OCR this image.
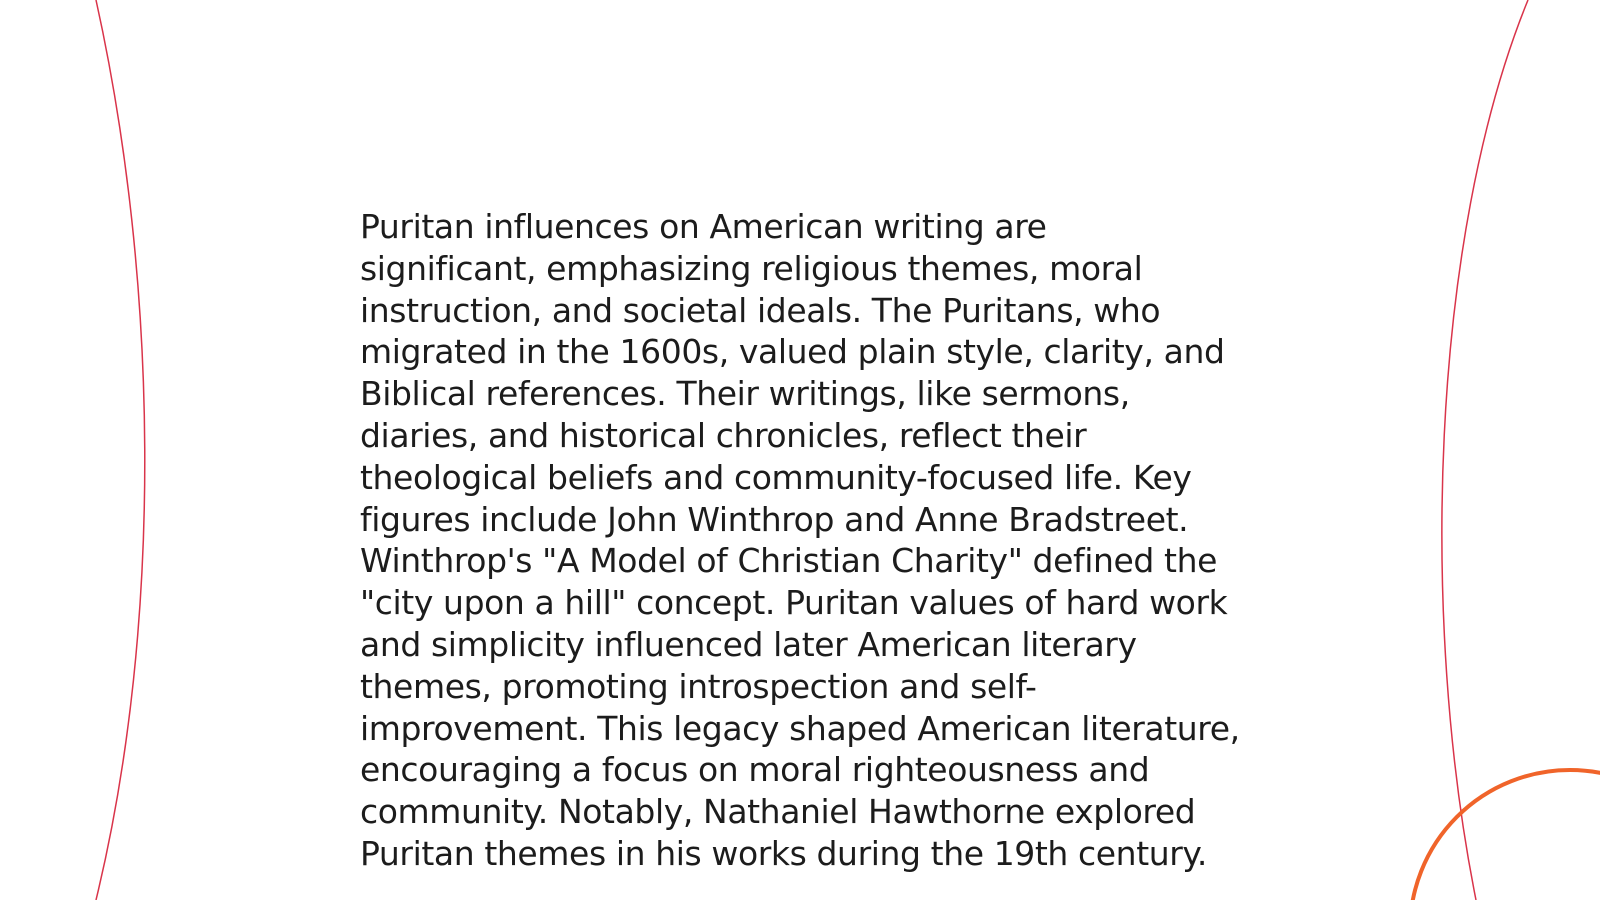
Puritan influences on American writing are
significant, emphasizing religious themes, moral
instruction, and societal ideals. The Puritans, who
migrated in the 1600s, valued plain style, clarity, and
Biblical references. Their writings, like sermons,
diaries, and historical chronicles, reflect their
theological beliefs and community-focused life. Key
figures include John Winthrop and Anne Bradstreet.
Winthrop's "A Model of Christian Charity" defined the
"city upon a hill" concept. Puritan values of hard work
and simplicity influenced later American literary
themes, promoting introspection and self-
improvement. This legacy shaped American literature,
encouraging a focus on moral righteousness and
community. Notably, Nathaniel Hawthorne explored
Puritan themes in his works during the 19th century.
